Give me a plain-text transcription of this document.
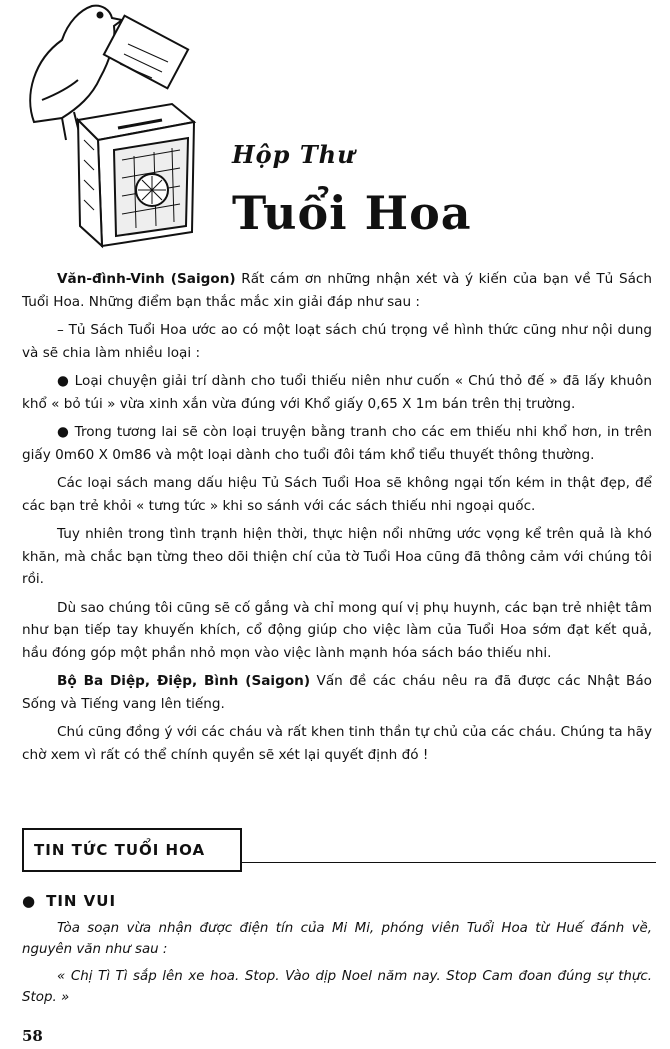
Hộp Thư
Tuổi Hoa

Văn-đình-Vinh (Saigon) Rất cám ơn những nhận xét và ý kiến của bạn về Tủ Sách Tuổi Hoa. Những điểm bạn thắc mắc xin giải đáp như sau :

– Tủ Sách Tuổi Hoa ước ao có một loạt sách chú trọng về hình thức cũng như nội dung và sẽ chia làm nhiều loại :

● Loại chuyện giải trí dành cho tuổi thiếu niên như cuốn « Chú thỏ đế » đã lấy khuôn khổ « bỏ túi » vừa xinh xắn vừa đúng với Khổ giấy 0,65 X 1m bán trên thị trường.

● Trong tương lai sẽ còn loại truyện bằng tranh cho các em thiếu nhi khổ hơn, in trên giấy 0m60 X 0m86 và một loại dành cho tuổi đôi tám khổ tiểu thuyết thông thường.

Các loại sách mang dấu hiệu Tủ Sách Tuổi Hoa sẽ không ngại tốn kém in thật đẹp, để các bạn trẻ khỏi « tưng tức » khi so sánh với các sách thiếu nhi ngoại quốc.

Tuy nhiên trong tình trạnh hiện thời, thực hiện nổi những ước vọng kể trên quả là khó khăn, mà chắc bạn từng theo dõi thiện chí của tờ Tuổi Hoa cũng đã thông cảm với chúng tôi rồi.

Dù sao chúng tôi cũng sẽ cố gắng và chỉ mong quí vị phụ huynh, các bạn trẻ nhiệt tâm như bạn tiếp tay khuyến khích, cổ động giúp cho việc làm của Tuổi Hoa sớm đạt kết quả, hầu đóng góp một phần nhỏ mọn vào việc lành mạnh hóa sách báo thiếu nhi.

Bộ Ba Diệp, Điệp, Bình (Saigon) Vấn đề các cháu nêu ra đã được các Nhật Báo Sống và Tiếng vang lên tiếng.

Chú cũng đồng ý với các cháu và rất khen tinh thần tự chủ của các cháu. Chúng ta hãy chờ xem vì rất có thể chính quyền sẽ xét lại quyết định đó !

TIN TỨC TUỔI HOA
● TIN VUI

Tòa soạn vừa nhận được điện tín của Mi Mi, phóng viên Tuổi Hoa từ Huế đánh về, nguyên văn như sau :

« Chị Tì Tì sắp lên xe hoa. Stop. Vào dịp Noel năm nay. Stop Cam đoan đúng sự thực. Stop. »

58
